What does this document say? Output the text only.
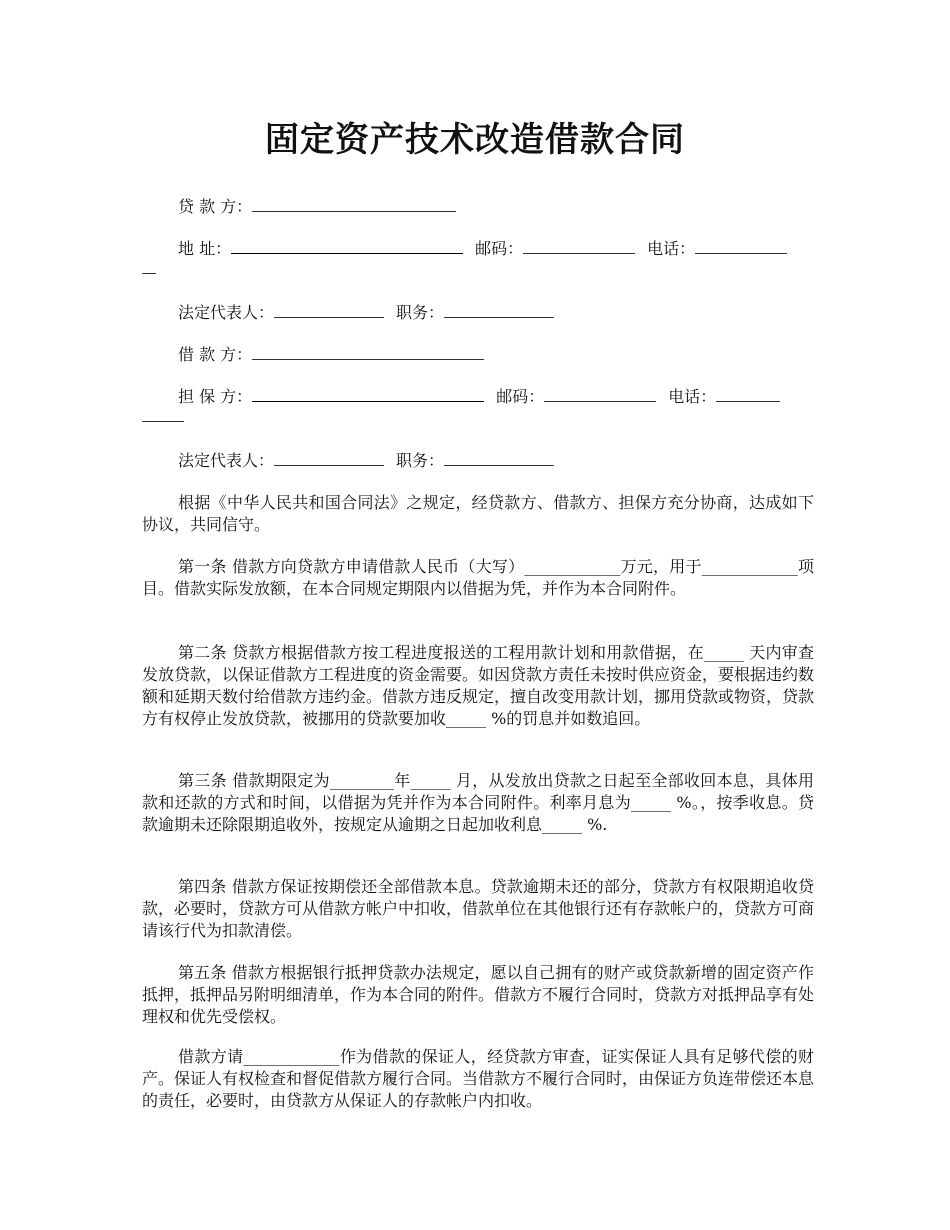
固定资产技术改造借款合同
贷 款 方：
地 址：	邮码：	电话：
法定代表人：	职务：
借 款 方：
担 保 方：	邮码：	电话：
法定代表人：	职务：

根据《中华人民共和国合同法》之规定，经贷款方、借款方、担保方充分协商，达成如下协议，共同信守。

第一条 借款方向贷款方申请借款人民币（大写）____________万元，用于____________项目。借款实际发放额，在本合同规定期限内以借据为凭，并作为本合同附件。

第二条 贷款方根据借款方按工程进度报送的工程用款计划和用款借据，在_____ 天内审查发放贷款，以保证借款方工程进度的资金需要。如因贷款方责任未按时供应资金，要根据违约数额和延期天数付给借款方违约金。借款方违反规定，擅自改变用款计划，挪用贷款或物资，贷款方有权停止发放贷款，被挪用的贷款要加收_____ %的罚息并如数追回。

第三条 借款期限定为________年_____ 月，从发放出贷款之日起至全部收回本息，具体用款和还款的方式和时间，以借据为凭并作为本合同附件。利率月息为_____ %。，按季收息。贷款逾期未还除限期追收外，按规定从逾期之日起加收利息_____ %.

第四条 借款方保证按期偿还全部借款本息。贷款逾期未还的部分，贷款方有权限期追收贷款，必要时，贷款方可从借款方帐户中扣收，借款单位在其他银行还有存款帐户的，贷款方可商请该行代为扣款清偿。

第五条 借款方根据银行抵押贷款办法规定，愿以自己拥有的财产或贷款新增的固定资产作抵押，抵押品另附明细清单，作为本合同的附件。借款方不履行合同时，贷款方对抵押品享有处理权和优先受偿权。

借款方请____________作为借款的保证人，经贷款方审查，证实保证人具有足够代偿的财产。保证人有权检查和督促借款方履行合同。当借款方不履行合同时，由保证方负连带偿还本息的责任，必要时，由贷款方从保证人的存款帐户内扣收。
